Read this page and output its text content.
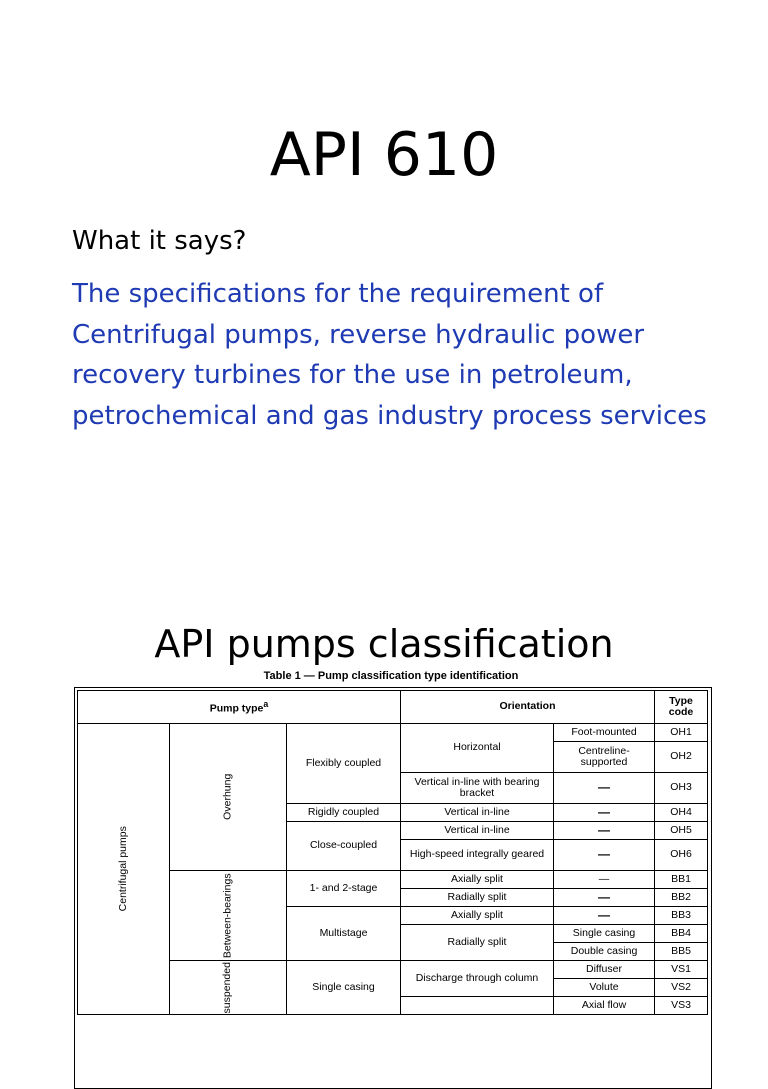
API 610
What it says?
The specifications for the requirement of Centrifugal pumps, reverse hydraulic power recovery turbines for the use in petroleum, petrochemical and gas industry process services
API pumps classification
Table 1 — Pump classification type identification
Pump type$^a$			Orientation		Type code
Centrifugal pumps	Overhung	Flexibly coupled	Horizontal	Foot-mounted	OH1
				Centreline-supported	OH2
			Vertical in-line with bearing bracket	—	OH3
		Rigidly coupled	Vertical in-line	—	OH4
		Close-coupled	Vertical in-line	—	OH5
			High-speed integrally geared	—	OH6
	Between-bearings	1- and 2-stage	Axially split	—	BB1
			Radially split	—	BB2
		Multistage	Axially split	—	BB3
			Radially split	Single casing	BB4
				Double casing	BB5
	suspended	Single casing	Discharge through column	Diffuser	VS1
				Volute	VS2
				Axial flow	VS3
